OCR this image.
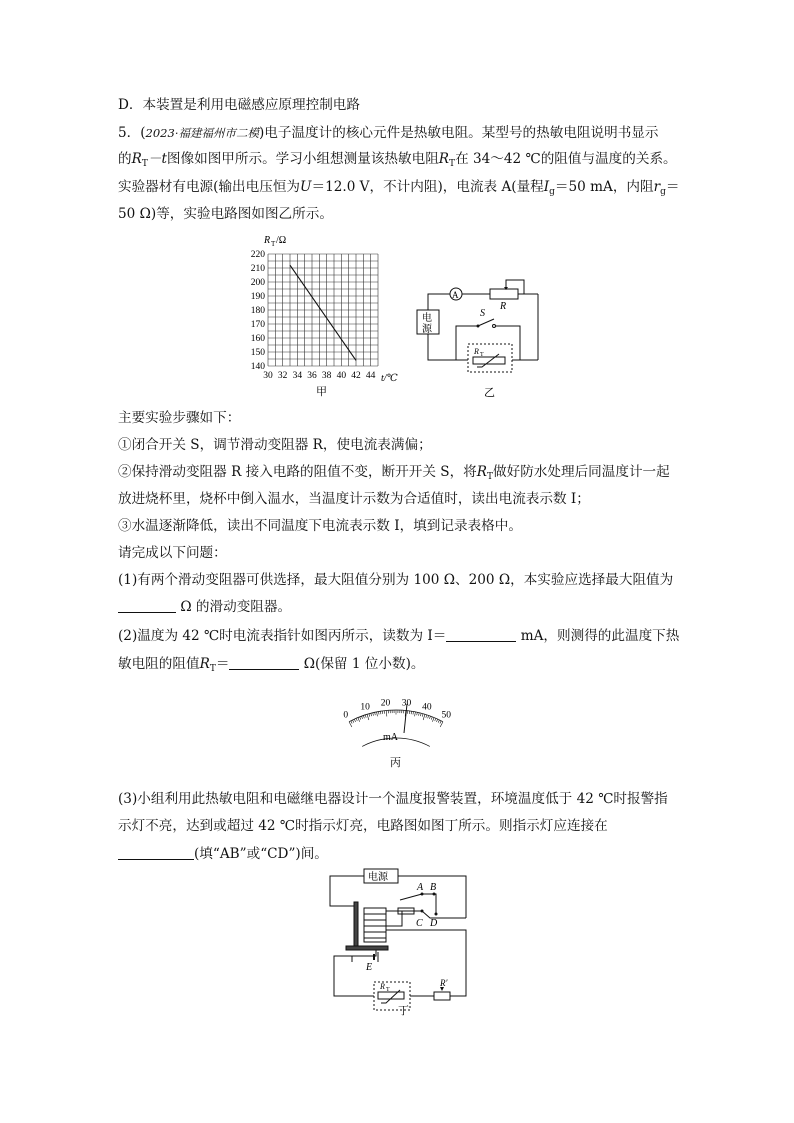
D．本装置是利用电磁感应原理控制电路
5．(2023·福建福州市二模)电子温度计的核心元件是热敏电阻。某型号的热敏电阻说明书显示
的$R_T-t$图像如图甲所示。学习小组想测量该热敏电阻$R_T$在 34～42 ℃的阻值与温度的关系。
实验器材有电源(输出电压恒为U＝12.0 V，不计内阻)，电流表 A(量程$I_g=50$ mA，内阻$r_g=$
50 Ω)等，实验电路图如图乙所示。
R T /Ω
220
210
200
190
180
170
160
150
140
30 32 34 36 38 40 42 44 t/℃
甲
A
R
S
电
源
R T
乙
主要实验步骤如下：
①闭合开关 S，调节滑动变阻器 R，使电流表满偏；
②保持滑动变阻器 R 接入电路的阻值不变，断开开关 S，将$R_T$做好防水处理后同温度计一起
放进烧杯里，烧杯中倒入温水，当温度计示数为合适值时，读出电流表示数 I；
③水温逐渐降低，读出不同温度下电流表示数 I，填到记录表格中。
请完成以下问题：
(1)有两个滑动变阻器可供选择，最大阻值分别为 100 Ω、200 Ω，本实验应选择最大阻值为
Ω 的滑动变阻器。
(2)温度为 42 ℃时电流表指针如图丙所示，读数为 I＝	mA，则测得的此温度下热
敏电阻的阻值$R_T=$	Ω(保留 1 位小数)。
0
10 20 30 40
50
mA
丙
(3)小组利用此热敏电阻和电磁继电器设计一个温度报警装置，环境温度低于 42 ℃时报警指
示灯不亮，达到或超过 42 ℃时指示灯亮，电路图如图丁所示。则指示灯应连接在
(填“AB”或“CD”)间。
电源
A B
C D
E
R T
R′
丁
